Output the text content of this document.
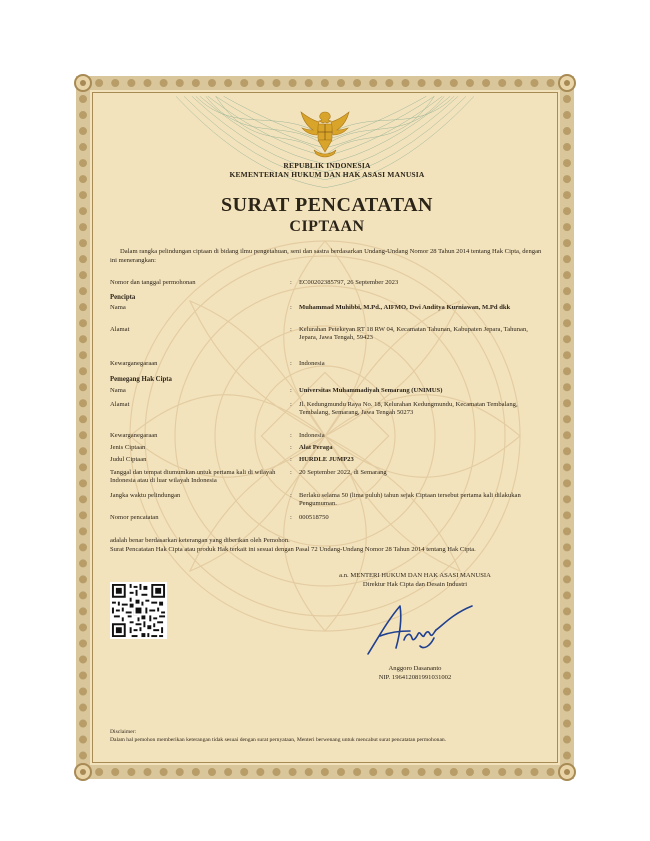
REPUBLIK INDONESIA
KEMENTERIAN HUKUM DAN HAK ASASI MANUSIA
SURAT PENCATATAN
CIPTAAN
Dalam rangka pelindungan ciptaan di bidang ilmu pengetahuan, seni dan sastra berdasarkan Undang-Undang Nomor 28 Tahun 2014 tentang Hak Cipta, dengan ini menerangkan:
Nomor dan tanggal permohonan	:	EC00202385797, 26 September 2023
Pencipta
Nama	:	Muhammad Muhibbi, M.Pd., AIFMO, Dwi Anditya Kurniawan, M.Pd dkk
Alamat	:	Kelurahan Petekeyan RT 18 RW 04, Kecamatan Tahunan, Kabupaten Jepara, Tahunan, Jepara, Jawa Tengah, 59423
Kewarganegaraan	:	Indonesia
Pemegang Hak Cipta
Nama	:	Universitas Muhammadiyah Semarang (UNIMUS)
Alamat	:	Jl. Kedungmundu Raya No. 18, Kelurahan Kedungmundu, Kecamatan Tembalang, Tembalang, Semarang, Jawa Tengah 50273
Kewarganegaraan	:	Indonesia
Jenis Ciptaan	:	Alat Peraga
Judul Ciptaan	:	HURDLE JUMP23
Tanggal dan tempat diumumkan untuk pertama kali di wilayah Indonesia atau di luar wilayah Indonesia
:	20 September 2022, di Semarang
Jangka waktu pelindungan	:	Berlaku selama 50 (lima puluh) tahun sejak Ciptaan tersebut pertama kali dilakukan Pengumuman.
Nomor pencatatan	:	000518750
adalah benar berdasarkan keterangan yang diberikan oleh Pemohon.
Surat Pencatatan Hak Cipta atau produk Hak terkait ini sesuai dengan Pasal 72 Undang-Undang Nomor 28 Tahun 2014 tentang Hak Cipta.
a.n. MENTERI HUKUM DAN HAK ASASI MANUSIA
Direktur Hak Cipta dan Desain Industri
Anggoro Dasananto
NIP. 196412081991031002
Disclaimer:
Dalam hal pemohon memberikan keterangan tidak sesuai dengan surat pernyataan, Menteri berwenang untuk mencabut surat pencatatan permohonan.
